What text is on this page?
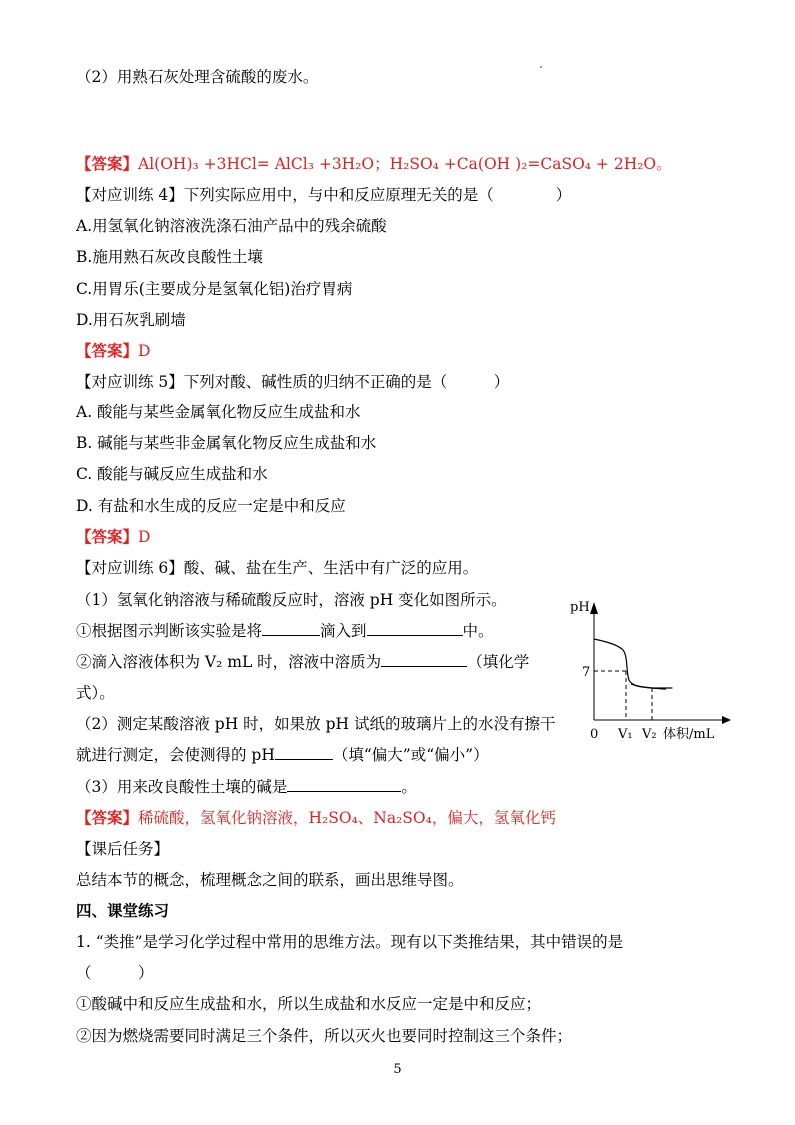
（2）用熟石灰处理含硫酸的废水。
【答案】Al(OH)₃ +3HCl= AlCl₃ +3H₂O；H₂SO₄ +Ca(OH )₂=CaSO₄ + 2H₂O。
【对应训练 4】下列实际应用中，与中和反应原理无关的是（　　　　）
A.用氢氧化钠溶液洗涤石油产品中的残余硫酸
B.施用熟石灰改良酸性土壤
C.用胃乐(主要成分是氢氧化铝)治疗胃病
D.用石灰乳刷墙
【答案】D
【对应训练 5】下列对酸、碱性质的归纳不正确的是（　　　）
A. 酸能与某些金属氧化物反应生成盐和水
B. 碱能与某些非金属氧化物反应生成盐和水
C. 酸能与碱反应生成盐和水
D. 有盐和水生成的反应一定是中和反应
【答案】D
【对应训练 6】酸、碱、盐在生产、生活中有广泛的应用。
（1）氢氧化钠溶液与稀硫酸反应时，溶液 pH 变化如图所示。
①根据图示判断该实验是将	滴入到	中。
②滴入溶液体积为 V₂ mL 时，溶液中溶质为	（填化学
式）。
（2）测定某酸溶液 pH 时，如果放 pH 试纸的玻璃片上的水没有擦干
就进行测定，会使测得的 pH	（填“偏大”或“偏小”）
（3）用来改良酸性土壤的碱是	。
【答案】稀硫酸，氢氧化钠溶液，H₂SO₄、Na₂SO₄，偏大，氢氧化钙
【课后任务】
总结本节的概念，梳理概念之间的联系，画出思维导图。
四、课堂练习
1. “类推”是学习化学过程中常用的思维方法。现有以下类推结果，其中错误的是
（　　　）
①酸碱中和反应生成盐和水，所以生成盐和水反应一定是中和反应；
②因为燃烧需要同时满足三个条件，所以灭火也要同时控制这三个条件；
pH
7
0 V₁ V₂ 体积/mL
5
